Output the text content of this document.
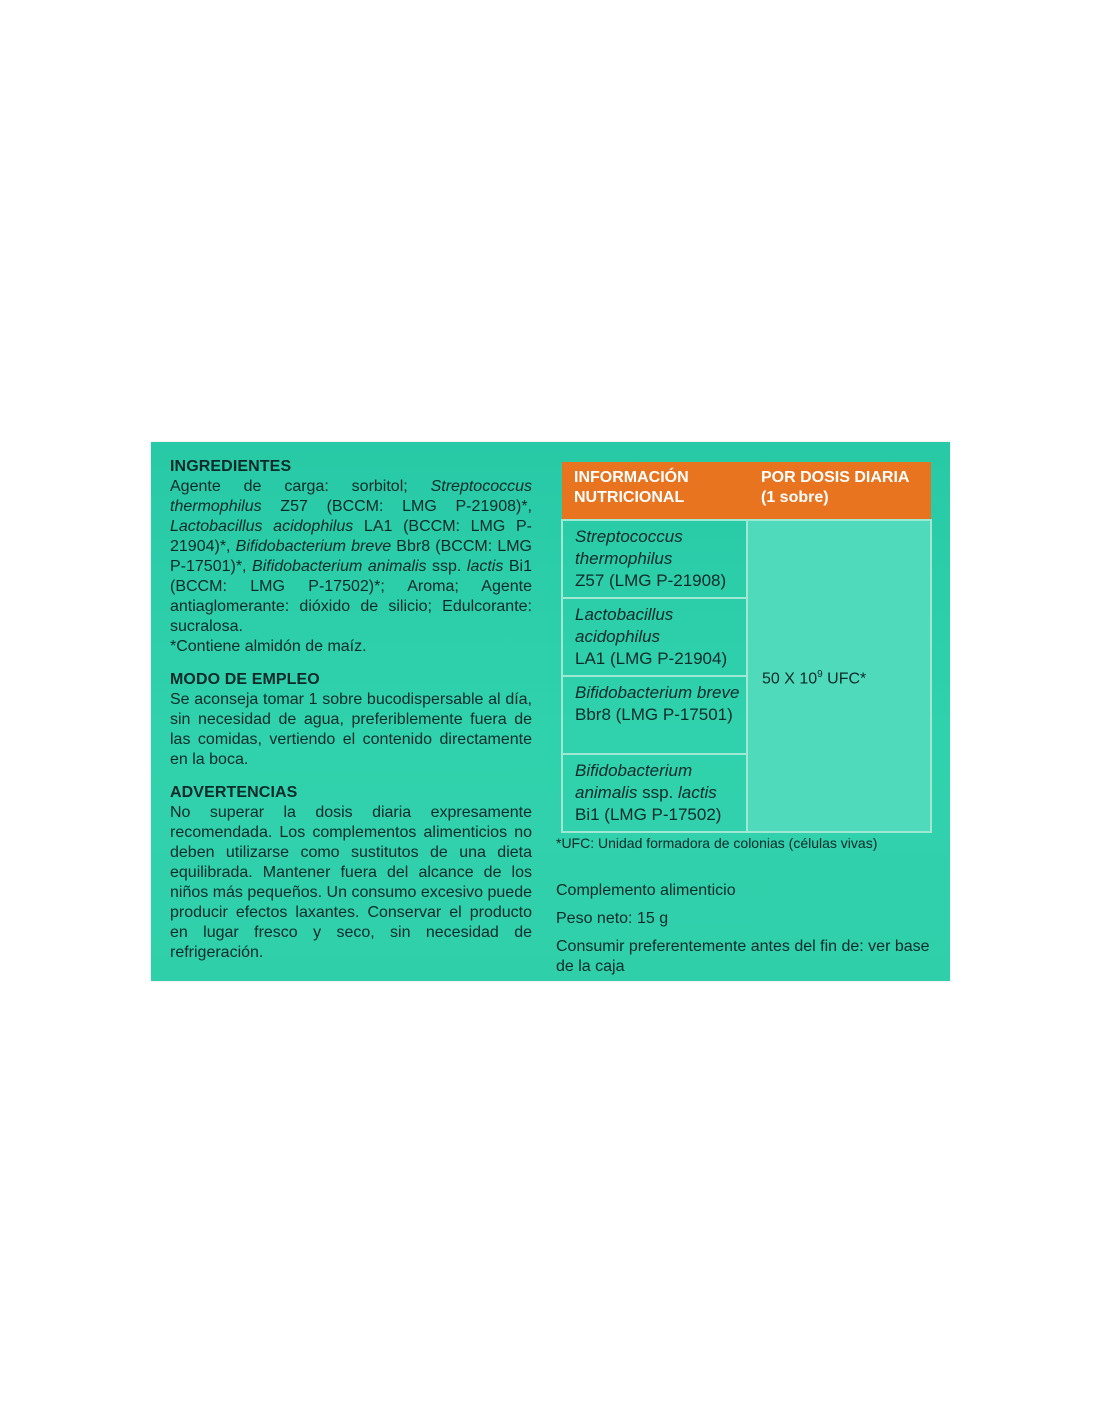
INGREDIENTES

Agente de carga: sorbitol; Streptococcus thermophilus Z57 (BCCM: LMG P-21908)*, Lactobacillus acidophilus LA1 (BCCM: LMG P-21904)*, Bifidobacterium breve Bbr8 (BCCM: LMG P-17501)*, Bifidobacterium animalis ssp. lactis Bi1 (BCCM: LMG P-17502)*; Aroma; Agente antiaglomerante: dióxido de silicio; Edulcorante: sucralosa.

*Contiene almidón de maíz.
MODO DE EMPLEO

Se aconseja tomar 1 sobre bucodispersable al día, sin necesidad de agua, preferiblemente fuera de las comidas, vertiendo el contenido directamente en la boca.

ADVERTENCIAS

No superar la dosis diaria expresamente recomendada. Los complementos alimenticios no deben utilizarse como sustitutos de una dieta equilibrada. Mantener fuera del alcance de los niños más pequeños. Un consumo excesivo puede producir efectos laxantes. Conservar el producto en lugar fresco y seco, sin necesidad de refrigeración.

INFORMACIÓN NUTRICIONAL	POR DOSIS DIARIA (1 sobre)
Streptococcus thermophilus
Z57 (LMG P-21908)	50 X $10^9$ UFC*
Lactobacillus acidophilus
LA1 (LMG P-21904)	
Bifidobacterium breve
Bbr8 (LMG P-17501)	
Bifidobacterium animalis ssp. lactis
Bi1 (LMG P-17502)	
*UFC: Unidad formadora de colonias (células vivas)
Complemento alimenticio
Peso neto: 15 g
Consumir preferentemente antes del fin de: ver base de la caja
